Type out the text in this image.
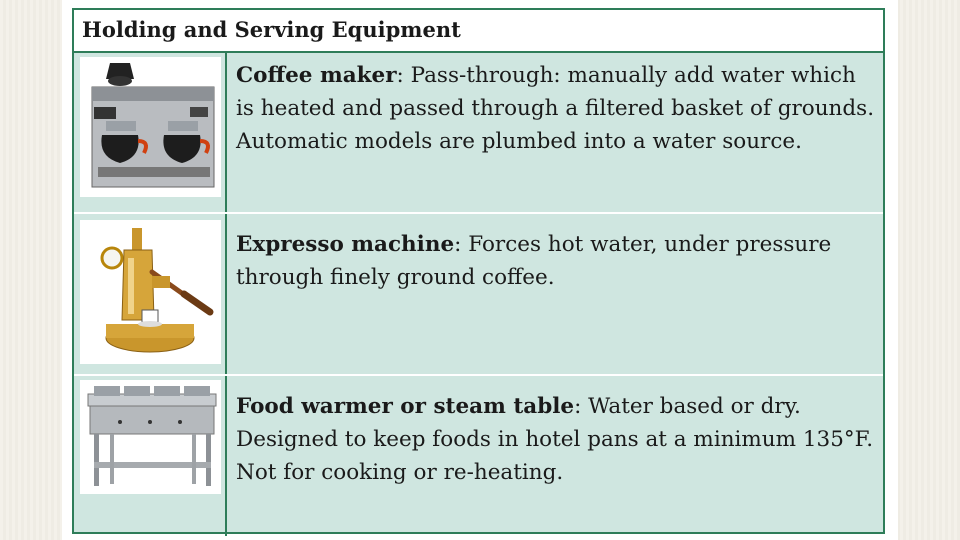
Holding and Serving Equipment
Coffee maker: Pass-through: manually add water which is heated and passed through a filtered basket of grounds. Automatic models are plumbed into a water source.
Expresso machine: Forces hot water, under pressure through finely ground coffee.
Food warmer or steam table: Water based or dry. Designed to keep foods in hotel pans at a minimum 135°F. Not for cooking or re-heating.
